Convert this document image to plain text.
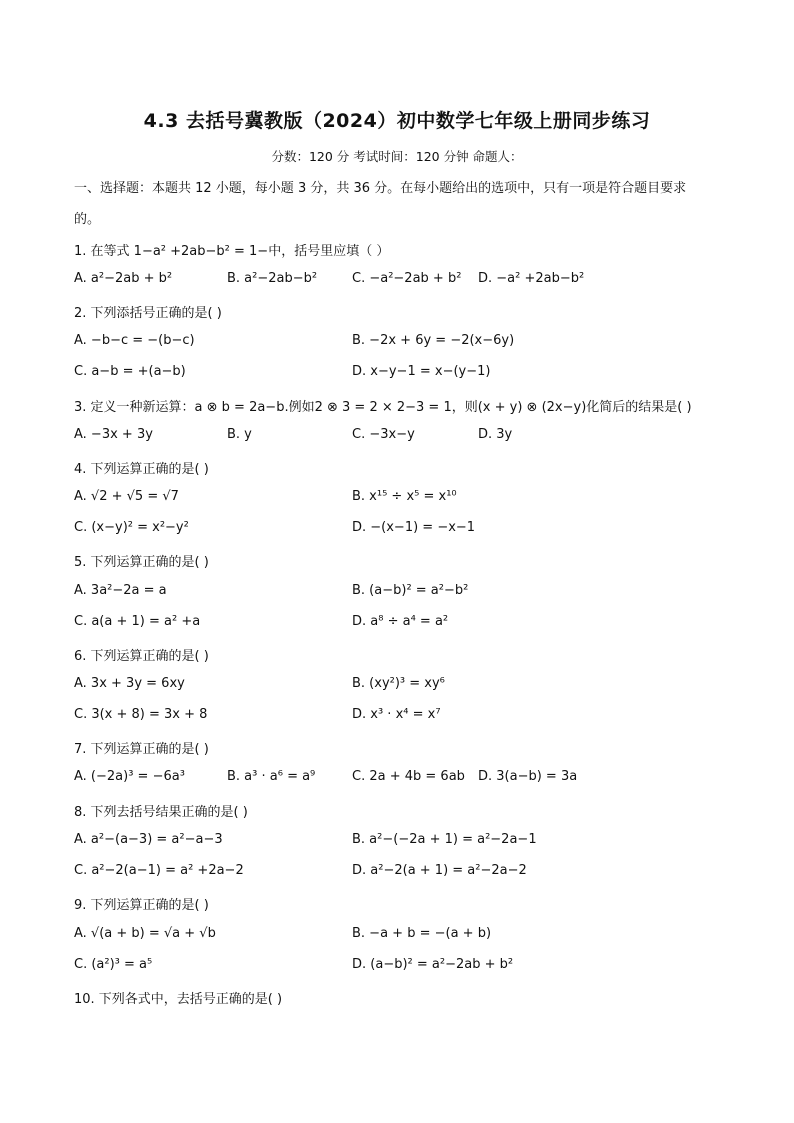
4.3 去括号冀教版（2024）初中数学七年级上册同步练习
分数：120 分 考试时间：120 分钟 命题人：
一、选择题：本题共 12 小题，每小题 3 分，共 36 分。在每小题给出的选项中，只有一项是符合题目要求
的。
1. 在等式 1−a² +2ab−b² = 1−中，括号里应填（ ）
A. a²−2ab + b²	B. a²−2ab−b²	C. −a²−2ab + b² D. −a² +2ab−b²
2. 下列添括号正确的是( )
A. −b−c = −(b−c)	B. −2x + 6y = −2(x−6y)
C. a−b = +(a−b)	D. x−y−1 = x−(y−1)
3. 定义一种新运算：a ⊗ b = 2a−b.例如2 ⊗ 3 = 2 × 2−3 = 1，则(x + y) ⊗ (2x−y)化简后的结果是( )
A. −3x + 3y	B. y	C. −3x−y	D. 3y
4. 下列运算正确的是( )
A. √2 + √5 = √7	B. x¹⁵ ÷ x⁵ = x¹⁰
C. (x−y)² = x²−y²	D. −(x−1) = −x−1
5. 下列运算正确的是( )
A. 3a²−2a = a	B. (a−b)² = a²−b²
C. a(a + 1) = a² +a	D. a⁸ ÷ a⁴ = a²
6. 下列运算正确的是( )
A. 3x + 3y = 6xy	B. (xy²)³ = xy⁶
C. 3(x + 8) = 3x + 8	D. x³ · x⁴ = x⁷
7. 下列运算正确的是( )
A. (−2a)³ = −6a³	B. a³ · a⁶ = a⁹	C. 2a + 4b = 6ab D. 3(a−b) = 3a
8. 下列去括号结果正确的是( )
A. a²−(a−3) = a²−a−3	B. a²−(−2a + 1) = a²−2a−1
C. a²−2(a−1) = a² +2a−2	D. a²−2(a + 1) = a²−2a−2
9. 下列运算正确的是( )
A. √(a + b) = √a + √b	B. −a + b = −(a + b)
C. (a²)³ = a⁵	D. (a−b)² = a²−2ab + b²
10. 下列各式中，去括号正确的是( )
